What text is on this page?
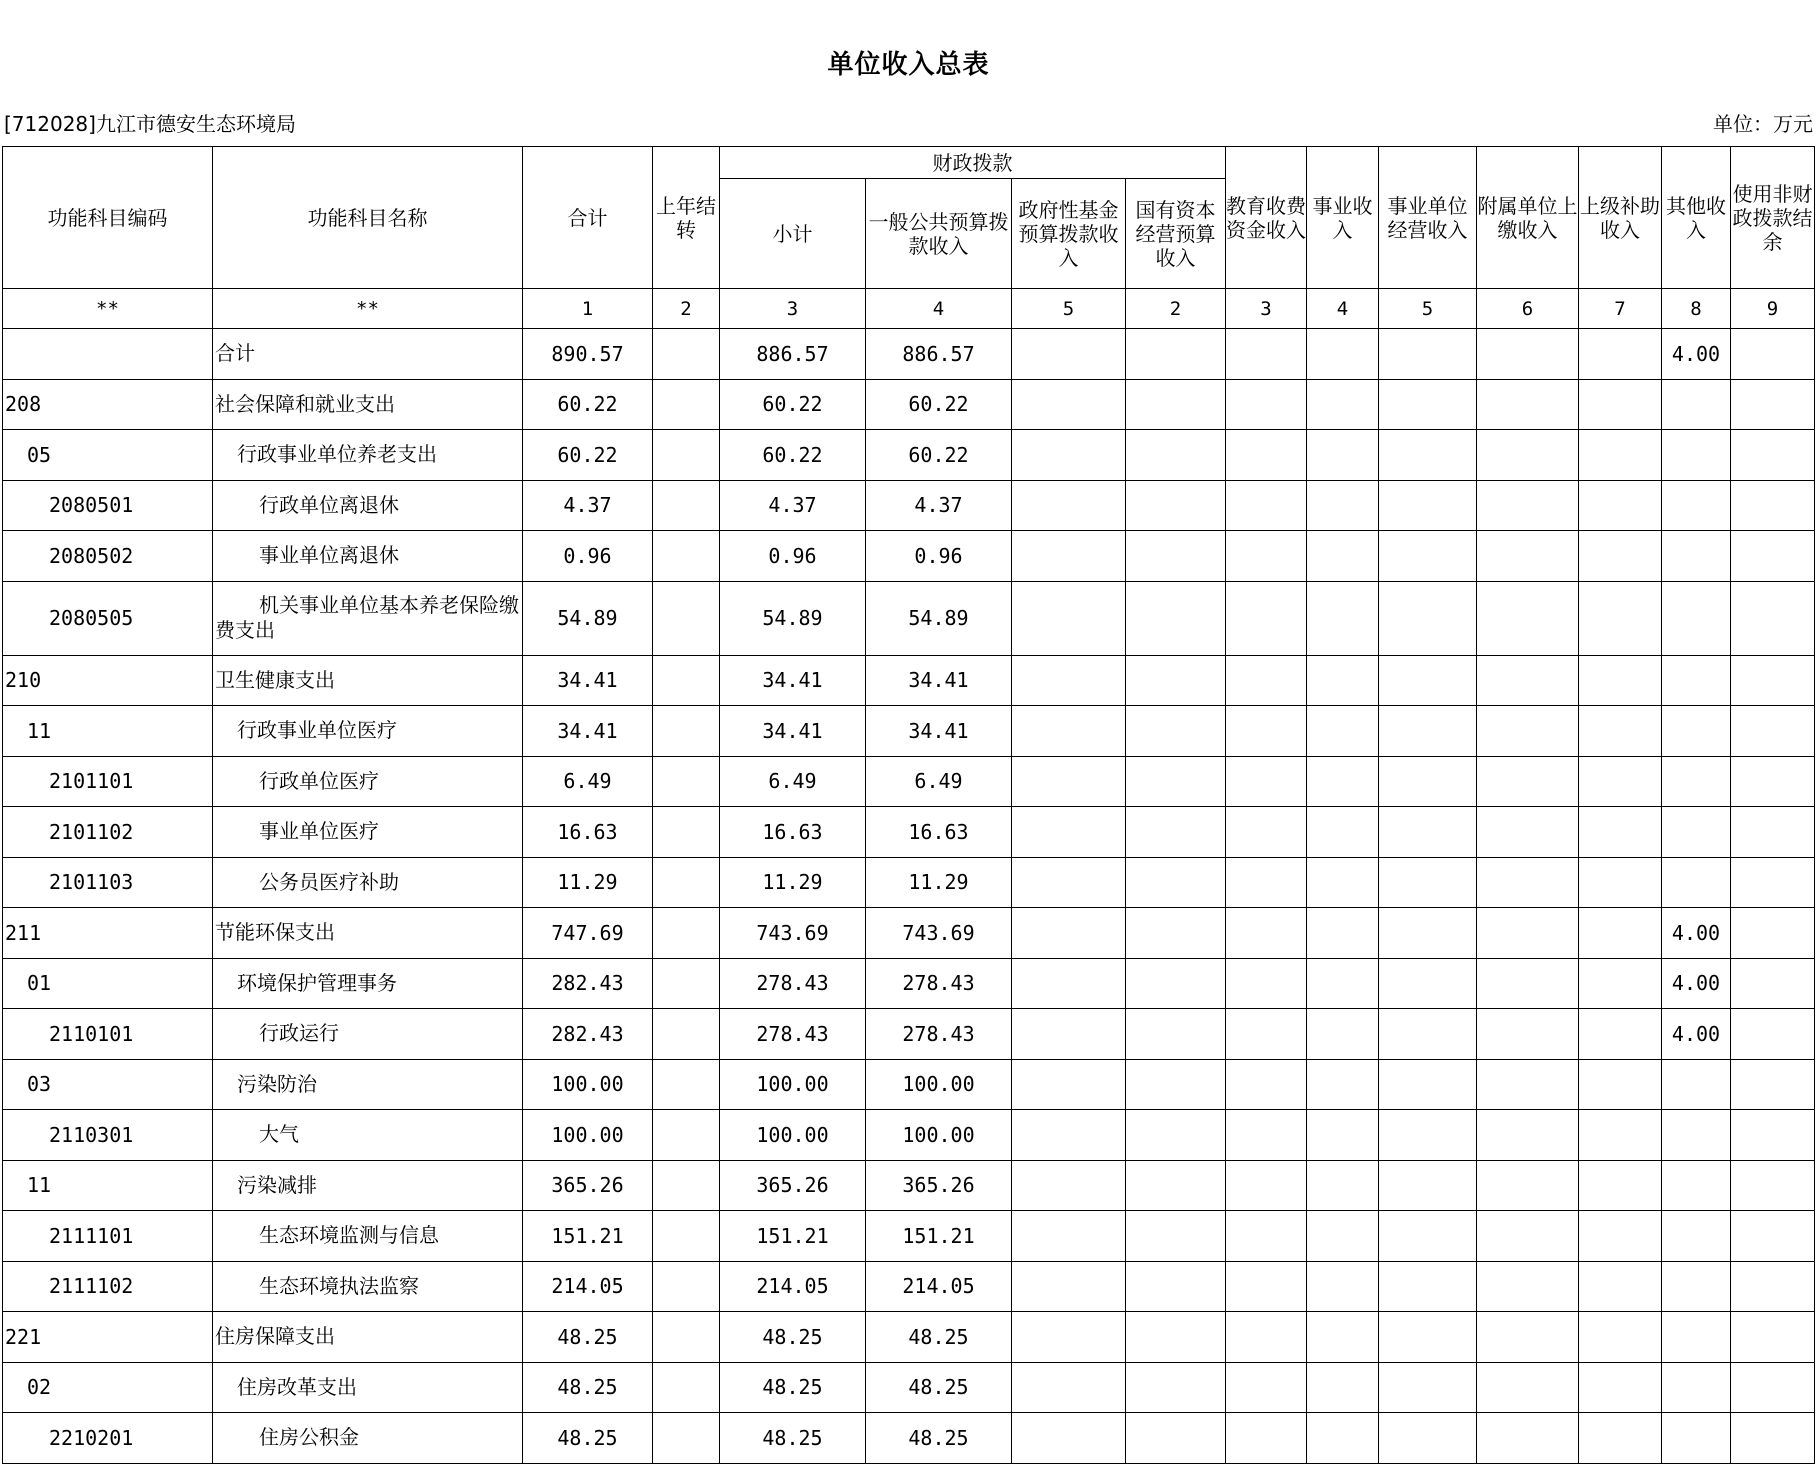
单位收入总表
[712028]九江市德安生态环境局	单位：万元
功能科目编码	功能科目名称	合计	上年结转	财政拨款				教育收费资金收入	事业收入	事业单位经营收入	附属单位上缴收入	上级补助收入	其他收入	使用非财政拨款结余
				小计	一般公共预算拨款收入	政府性基金预算拨款收入	国有资本经营预算收入							
**	**	1	2	3	4	5	2	3	4	5	6	7	8	9
	合计	890.57		886.57	886.57								4.00	
208	社会保障和就业支出	60.22		60.22	60.22									
05	行政事业单位养老支出	60.22		60.22	60.22									
2080501	行政单位离退休	4.37		4.37	4.37									
2080502	事业单位离退休	0.96		0.96	0.96									
2080505	机关事业单位基本养老保险缴费支出	54.89		54.89	54.89									
210	卫生健康支出	34.41		34.41	34.41									
11	行政事业单位医疗	34.41		34.41	34.41									
2101101	行政单位医疗	6.49		6.49	6.49									
2101102	事业单位医疗	16.63		16.63	16.63									
2101103	公务员医疗补助	11.29		11.29	11.29									
211	节能环保支出	747.69		743.69	743.69								4.00	
01	环境保护管理事务	282.43		278.43	278.43								4.00	
2110101	行政运行	282.43		278.43	278.43								4.00	
03	污染防治	100.00		100.00	100.00									
2110301	大气	100.00		100.00	100.00									
11	污染减排	365.26		365.26	365.26									
2111101	生态环境监测与信息	151.21		151.21	151.21									
2111102	生态环境执法监察	214.05		214.05	214.05									
221	住房保障支出	48.25		48.25	48.25									
02	住房改革支出	48.25		48.25	48.25									
2210201	住房公积金	48.25		48.25	48.25									
